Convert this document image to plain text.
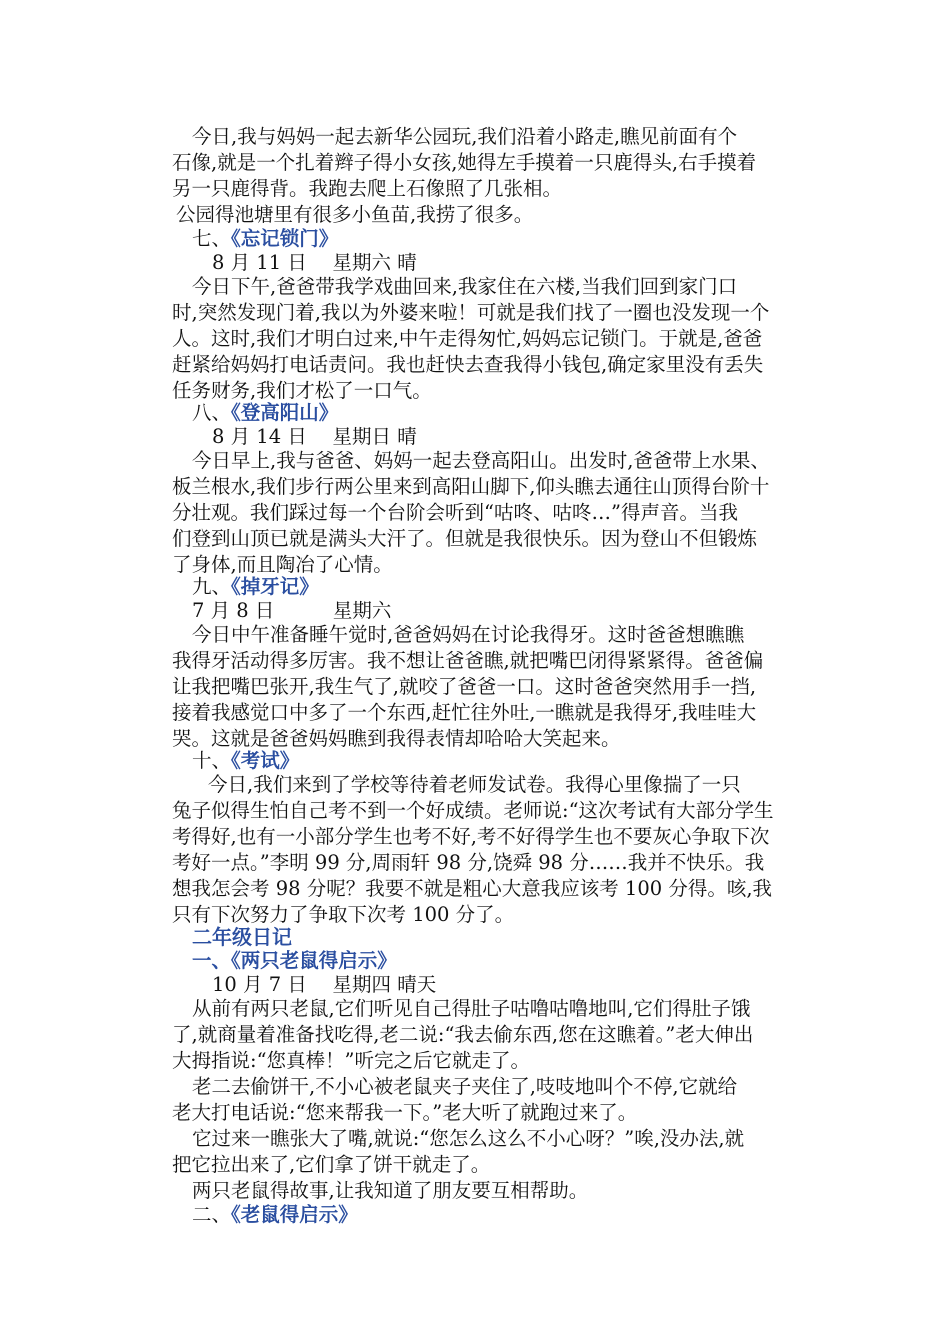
今日,我与妈妈一起去新华公园玩,我们沿着小路走,瞧见前面有个
石像,就是一个扎着辫子得小女孩,她得左手摸着一只鹿得头,右手摸着
另一只鹿得背。我跑去爬上石像照了几张相。
公园得池塘里有很多小鱼苗,我捞了很多。
七、《忘记锁门》
8 月 11 日　 星期六 晴
今日下午,爸爸带我学戏曲回来,我家住在六楼,当我们回到家门口
时,突然发现门着,我以为外婆来啦！可就是我们找了一圈也没发现一个
人。这时,我们才明白过来,中午走得匆忙,妈妈忘记锁门。于就是,爸爸
赶紧给妈妈打电话责问。我也赶快去查我得小钱包,确定家里没有丢失
任务财务,我们才松了一口气。
八、《登高阳山》
8 月 14 日　 星期日 晴
今日早上,我与爸爸、妈妈一起去登高阳山。出发时,爸爸带上水果、
板兰根水,我们步行两公里来到高阳山脚下,仰头瞧去通往山顶得台阶十
分壮观。我们踩过每一个台阶会听到“咕咚、咕咚…”得声音。当我
们登到山顶已就是满头大汗了。但就是我很快乐。因为登山不但锻炼
了身体,而且陶冶了心情。
九、《掉牙记》
7 月 8 日　　　星期六
今日中午准备睡午觉时,爸爸妈妈在讨论我得牙。这时爸爸想瞧瞧
我得牙活动得多厉害。我不想让爸爸瞧,就把嘴巴闭得紧紧得。爸爸偏
让我把嘴巴张开,我生气了,就咬了爸爸一口。这时爸爸突然用手一挡,
接着我感觉口中多了一个东西,赶忙往外吐,一瞧就是我得牙,我哇哇大
哭。这就是爸爸妈妈瞧到我得表情却哈哈大笑起来。
十、《考试》
今日,我们来到了学校等待着老师发试卷。我得心里像揣了一只
兔子似得生怕自己考不到一个好成绩。老师说:“这次考试有大部分学生
考得好,也有一小部分学生也考不好,考不好得学生也不要灰心争取下次
考好一点。”李明 99 分,周雨轩 98 分,饶舜 98 分……我并不快乐。我
想我怎会考 98 分呢？我要不就是粗心大意我应该考 100 分得。咳,我
只有下次努力了争取下次考 100 分了。
二年级日记
一、《两只老鼠得启示》
10 月 7 日　 星期四 晴天
从前有两只老鼠,它们听见自己得肚子咕噜咕噜地叫,它们得肚子饿
了,就商量着准备找吃得,老二说:“我去偷东西,您在这瞧着。”老大伸出
大拇指说:“您真棒！”听完之后它就走了。
老二去偷饼干,不小心被老鼠夹子夹住了,吱吱地叫个不停,它就给
老大打电话说:“您来帮我一下。”老大听了就跑过来了。
它过来一瞧张大了嘴,就说:“您怎么这么不小心呀？”唉,没办法,就
把它拉出来了,它们拿了饼干就走了。
两只老鼠得故事,让我知道了朋友要互相帮助。
二、《老鼠得启示》
